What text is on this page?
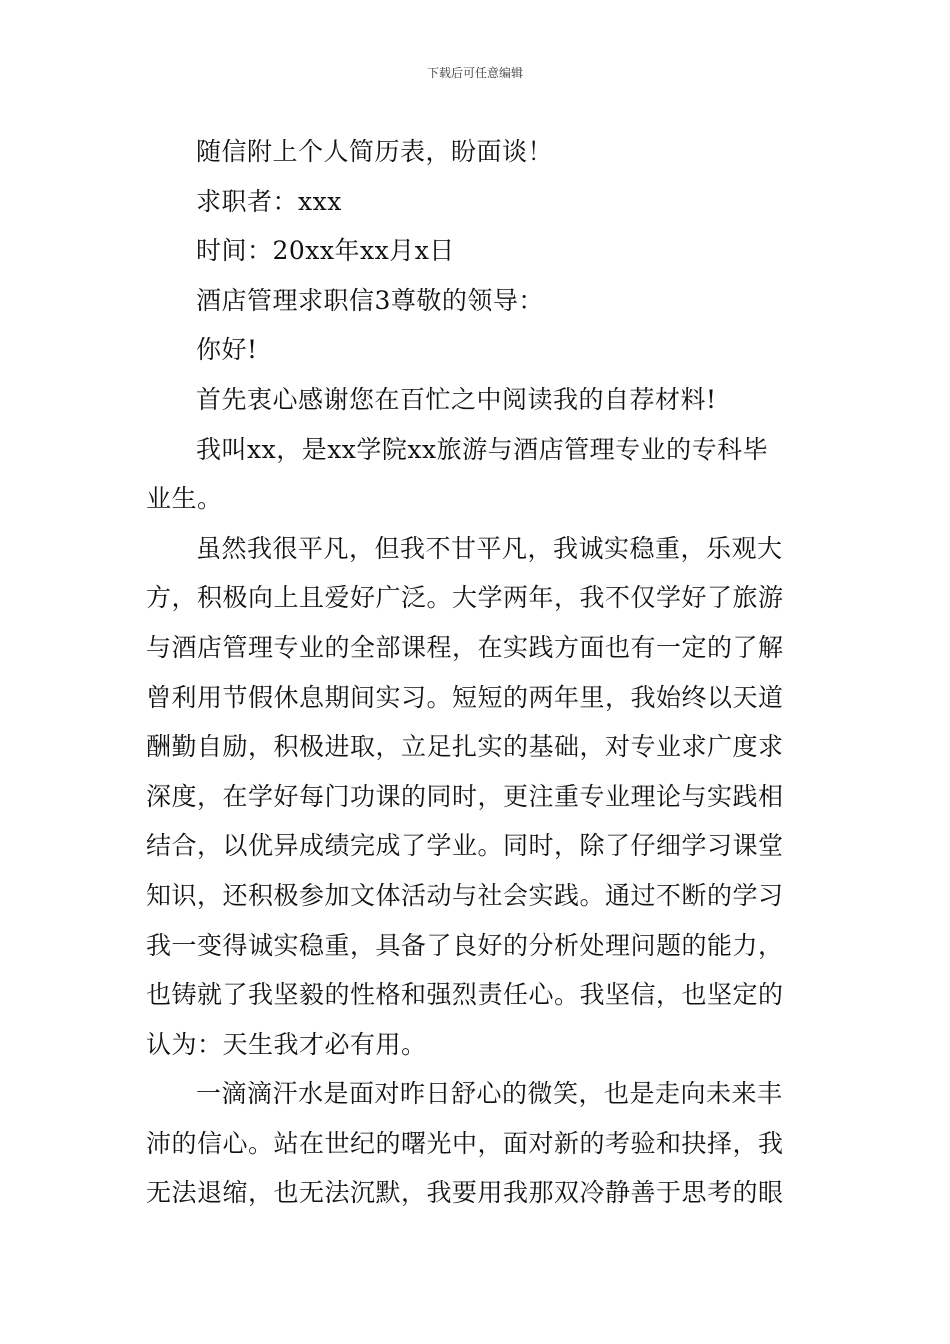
下载后可任意编辑
随信附上个人简历表，盼面谈！
求职者：xxx
时间：20xx年xx月x日
酒店管理求职信3尊敬的领导：
你好!
首先衷心感谢您在百忙之中阅读我的自荐材料!
我叫xx，是xx学院xx旅游与酒店管理专业的专科毕
业生。
虽然我很平凡，但我不甘平凡，我诚实稳重，乐观大
方，积极向上且爱好广泛。大学两年，我不仅学好了旅游
与酒店管理专业的全部课程，在实践方面也有一定的了解
曾利用节假休息期间实习。短短的两年里，我始终以天道
酬勤自励，积极进取，立足扎实的基础，对专业求广度求
深度，在学好每门功课的同时，更注重专业理论与实践相
结合，以优异成绩完成了学业。同时，除了仔细学习课堂
知识，还积极参加文体活动与社会实践。通过不断的学习
我一变得诚实稳重，具备了良好的分析处理问题的能力，
也铸就了我坚毅的性格和强烈责任心。我坚信，也坚定的
认为：天生我才必有用。
一滴滴汗水是面对昨日舒心的微笑，也是走向未来丰
沛的信心。站在世纪的曙光中，面对新的考验和抉择，我
无法退缩，也无法沉默，我要用我那双冷静善于思考的眼
